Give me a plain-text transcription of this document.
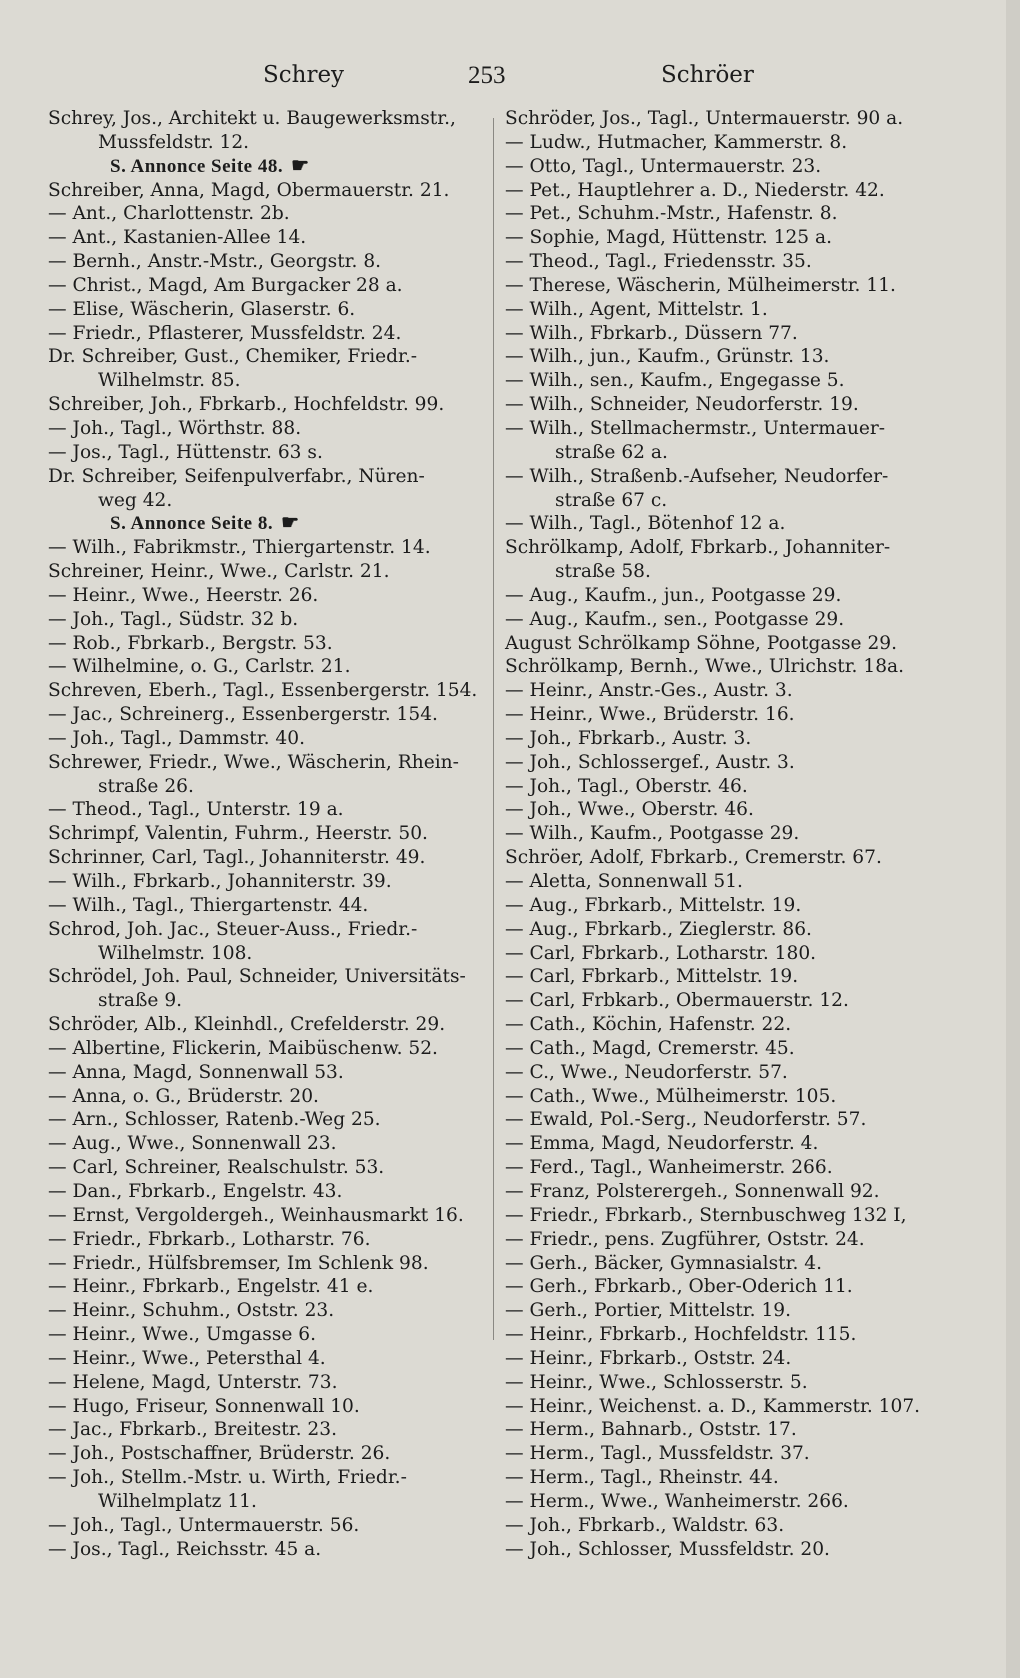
Schrey	253	Schröer
Schrey, Jos., Architekt u. Baugewerksmstr.,
Mussfeldstr. 12.
S. Annonce Seite 48. ☛
Schreiber, Anna, Magd, Obermauerstr. 21.
— Ant., Charlottenstr. 2b.
— Ant., Kastanien-Allee 14.
— Bernh., Anstr.-Mstr., Georgstr. 8.
— Christ., Magd, Am Burgacker 28 a.
— Elise, Wäscherin, Glaserstr. 6.
— Friedr., Pflasterer, Mussfeldstr. 24.
Dr. Schreiber, Gust., Chemiker, Friedr.-
Wilhelmstr. 85.
Schreiber, Joh., Fbrkarb., Hochfeldstr. 99.
— Joh., Tagl., Wörthstr. 88.
— Jos., Tagl., Hüttenstr. 63 s.
Dr. Schreiber, Seifenpulverfabr., Nüren-
weg 42.
S. Annonce Seite 8. ☛
— Wilh., Fabrikmstr., Thiergartenstr. 14.
Schreiner, Heinr., Wwe., Carlstr. 21.
— Heinr., Wwe., Heerstr. 26.
— Joh., Tagl., Südstr. 32 b.
— Rob., Fbrkarb., Bergstr. 53.
— Wilhelmine, o. G., Carlstr. 21.
Schreven, Eberh., Tagl., Essenbergerstr. 154.
— Jac., Schreinerg., Essenbergerstr. 154.
— Joh., Tagl., Dammstr. 40.
Schrewer, Friedr., Wwe., Wäscherin, Rhein-
straße 26.
— Theod., Tagl., Unterstr. 19 a.
Schrimpf, Valentin, Fuhrm., Heerstr. 50.
Schrinner, Carl, Tagl., Johanniterstr. 49.
— Wilh., Fbrkarb., Johanniterstr. 39.
— Wilh., Tagl., Thiergartenstr. 44.
Schrod, Joh. Jac., Steuer-Auss., Friedr.-
Wilhelmstr. 108.
Schrödel, Joh. Paul, Schneider, Universitäts-
straße 9.
Schröder, Alb., Kleinhdl., Crefelderstr. 29.
— Albertine, Flickerin, Maibüschenw. 52.
— Anna, Magd, Sonnenwall 53.
— Anna, o. G., Brüderstr. 20.
— Arn., Schlosser, Ratenb.-Weg 25.
— Aug., Wwe., Sonnenwall 23.
— Carl, Schreiner, Realschulstr. 53.
— Dan., Fbrkarb., Engelstr. 43.
— Ernst, Vergoldergeh., Weinhausmarkt 16.
— Friedr., Fbrkarb., Lotharstr. 76.
— Friedr., Hülfsbremser, Im Schlenk 98.
— Heinr., Fbrkarb., Engelstr. 41 e.
— Heinr., Schuhm., Oststr. 23.
— Heinr., Wwe., Umgasse 6.
— Heinr., Wwe., Petersthal 4.
— Helene, Magd, Unterstr. 73.
— Hugo, Friseur, Sonnenwall 10.
— Jac., Fbrkarb., Breitestr. 23.
— Joh., Postschaffner, Brüderstr. 26.
— Joh., Stellm.-Mstr. u. Wirth, Friedr.-
Wilhelmplatz 11.
— Joh., Tagl., Untermauerstr. 56.
— Jos., Tagl., Reichsstr. 45 a.
Schröder, Jos., Tagl., Untermauerstr. 90 a.
— Ludw., Hutmacher, Kammerstr. 8.
— Otto, Tagl., Untermauerstr. 23.
— Pet., Hauptlehrer a. D., Niederstr. 42.
— Pet., Schuhm.-Mstr., Hafenstr. 8.
— Sophie, Magd, Hüttenstr. 125 a.
— Theod., Tagl., Friedensstr. 35.
— Therese, Wäscherin, Mülheimerstr. 11.
— Wilh., Agent, Mittelstr. 1.
— Wilh., Fbrkarb., Düssern 77.
— Wilh., jun., Kaufm., Grünstr. 13.
— Wilh., sen., Kaufm., Engegasse 5.
— Wilh., Schneider, Neudorferstr. 19.
— Wilh., Stellmachermstr., Untermauer-
straße 62 a.
— Wilh., Straßenb.-Aufseher, Neudorfer-
straße 67 c.
— Wilh., Tagl., Bötenhof 12 a.
Schrölkamp, Adolf, Fbrkarb., Johanniter-
straße 58.
— Aug., Kaufm., jun., Pootgasse 29.
— Aug., Kaufm., sen., Pootgasse 29.
August Schrölkamp Söhne, Pootgasse 29.
Schrölkamp, Bernh., Wwe., Ulrichstr. 18a.
— Heinr., Anstr.-Ges., Austr. 3.
— Heinr., Wwe., Brüderstr. 16.
— Joh., Fbrkarb., Austr. 3.
— Joh., Schlossergef., Austr. 3.
— Joh., Tagl., Oberstr. 46.
— Joh., Wwe., Oberstr. 46.
— Wilh., Kaufm., Pootgasse 29.
Schröer, Adolf, Fbrkarb., Cremerstr. 67.
— Aletta, Sonnenwall 51.
— Aug., Fbrkarb., Mittelstr. 19.
— Aug., Fbrkarb., Zieglerstr. 86.
— Carl, Fbrkarb., Lotharstr. 180.
— Carl, Fbrkarb., Mittelstr. 19.
— Carl, Frbkarb., Obermauerstr. 12.
— Cath., Köchin, Hafenstr. 22.
— Cath., Magd, Cremerstr. 45.
— C., Wwe., Neudorferstr. 57.
— Cath., Wwe., Mülheimerstr. 105.
— Ewald, Pol.-Serg., Neudorferstr. 57.
— Emma, Magd, Neudorferstr. 4.
— Ferd., Tagl., Wanheimerstr. 266.
— Franz, Polsterergeh., Sonnenwall 92.
— Friedr., Fbrkarb., Sternbuschweg 132 I,
— Friedr., pens. Zugführer, Oststr. 24.
— Gerh., Bäcker, Gymnasialstr. 4.
— Gerh., Fbrkarb., Ober-Oderich 11.
— Gerh., Portier, Mittelstr. 19.
— Heinr., Fbrkarb., Hochfeldstr. 115.
— Heinr., Fbrkarb., Oststr. 24.
— Heinr., Wwe., Schlosserstr. 5.
— Heinr., Weichenst. a. D., Kammerstr. 107.
— Herm., Bahnarb., Oststr. 17.
— Herm., Tagl., Mussfeldstr. 37.
— Herm., Tagl., Rheinstr. 44.
— Herm., Wwe., Wanheimerstr. 266.
— Joh., Fbrkarb., Waldstr. 63.
— Joh., Schlosser, Mussfeldstr. 20.
